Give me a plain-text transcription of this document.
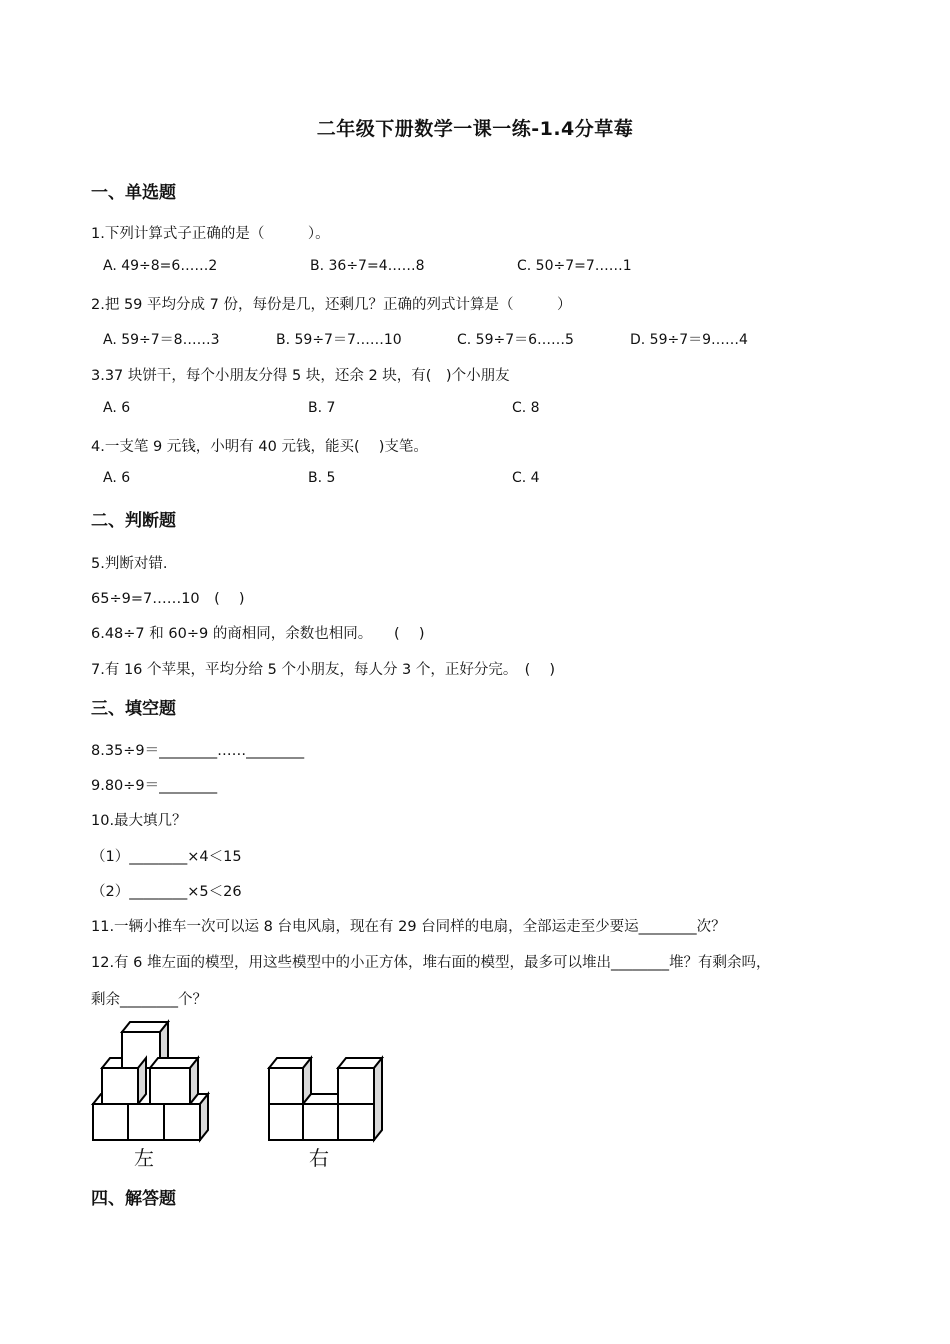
二年级下册数学一课一练-1.4分草莓
一、单选题
1.下列计算式子正确的是（　　　）。
A. 49÷8=6……2	B. 36÷7=4……8	C. 50÷7=7……1
2.把 59 平均分成 7 份，每份是几，还剩几？正确的列式计算是（　　　）
A. 59÷7＝8……3	B. 59÷7＝7……10	C. 59÷7＝6……5	D. 59÷7＝9……4
3.37 块饼干，每个小朋友分得 5 块，还余 2 块，有(　)个小朋友
A. 6	B. 7	C. 8
4.一支笔 9 元钱，小明有 40 元钱，能买(　 )支笔。
A. 6	B. 5	C. 4
二、判断题
5.判断对错.
65÷9=7……10　(　 )
6.48÷7 和 60÷9 的商相同，余数也相同。　　(　 )
7.有 16 个苹果，平均分给 5 个小朋友，每人分 3 个，正好分完。　(　 )
三、填空题
8.35÷9＝________……________
9.80÷9＝________
10.最大填几？
（1）________×4＜15
（2）________×5＜26
11.一辆小推车一次可以运 8 台电风扇，现在有 29 台同样的电扇，全部运走至少要运________次？
12.有 6 堆左面的模型，用这些模型中的小正方体，堆右面的模型，最多可以堆出________堆？有剩余吗，
剩余________个？
左	右
四、解答题
